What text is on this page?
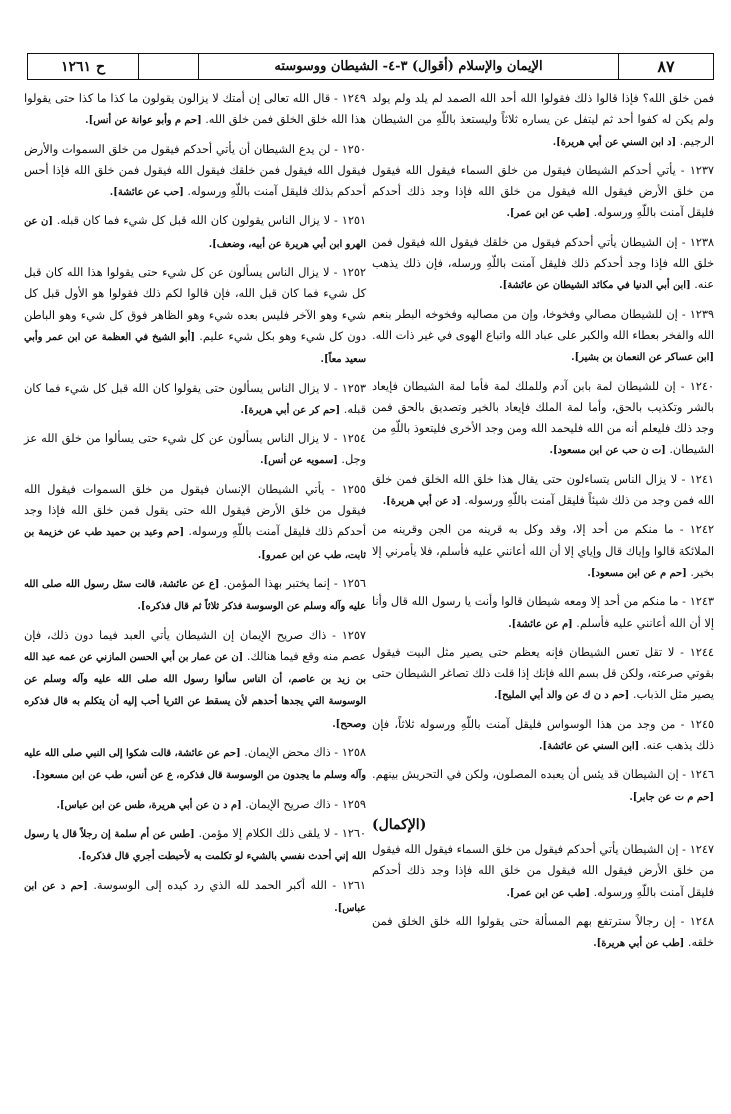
٨٧
الإيمان والإسلام (أقوال) ٣-٤- الشيطان ووسوسته
ح ١٢٦١

فمن خلق الله؟ فإذا قالوا ذلك فقولوا الله أحد الله الصمد لم يلد ولم يولد ولم يكن له كفوا أحد ثم ليتفل عن يساره ثلاثاً وليستعذ باللّهِ من الشيطان الرجيم. [د ابن السني عن أبي هريرة].

١٢٣٧ - يأتي أحدكم الشيطان فيقول من خلق السماء فيقول الله فيقول من خلق الأرض فيقول الله فيقول من خلق الله فإذا وجد ذلك أحدكم فليقل آمنت باللّهِ ورسوله. [طب عن ابن عمر].

١٢٣٨ - إن الشيطان يأتي أحدكم فيقول من خلقك فيقول الله فيقول فمن خلق الله فإذا وجد أحدكم ذلك فليقل آمنت باللّهِ ورسله، فإن ذلك يذهب عنه. [ابن أبي الدنيا في مكائد الشيطان عن عائشة].

١٢٣٩ - إن للشيطان مصالي وفخوخا، وإن من مصاليه وفخوخه البطر بنعم الله والفخر بعطاء الله والكبر على عباد الله واتباع الهوى في غير ذات الله. [ابن عساكر عن النعمان بن بشير].

١٢٤٠ - إن للشيطان لمة بابن آدم وللملك لمة فأما لمة الشيطان فإيعاد بالشر وتكذيب بالحق، وأما لمة الملك فإيعاد بالخير وتصديق بالحق فمن وجد ذلك فليعلم أنه من الله فليحمد الله ومن وجد الأخرى فليتعوذ باللّهِ من الشيطان. [ت ن حب عن ابن مسعود].

١٢٤١ - لا يزال الناس يتساءلون حتى يقال هذا خلق الله الخلق فمن خلق الله فمن وجد من ذلك شيئاً فليقل آمنت باللّهِ ورسوله. [د عن أبي هريرة].

١٢٤٢ - ما منكم من أحد إلا، وقد وكل به قرينه من الجن وقرينه من الملائكة قالوا وإياك قال وإياي إلا أن الله أعانني عليه فأسلم، فلا يأمرني إلا بخير. [حم م عن ابن مسعود].

١٢٤٣ - ما منكم من أحد إلا ومعه شيطان قالوا وأنت يا رسول الله قال وأنا إلا أن الله أعانني عليه فأسلم. [م عن عائشة].

١٢٤٤ - لا تقل تعس الشيطان فإنه يعظم حتى يصير مثل البيت فيقول بقوتي صرعته، ولكن قل بسم الله فإنك إذا قلت ذلك تصاغر الشيطان حتى يصير مثل الذباب. [حم د ن ك عن والد أبي المليح].

١٢٤٥ - من وجد من هذا الوسواس فليقل آمنت باللّهِ ورسوله ثلاثاً، فإن ذلك يذهب عنه. [ابن السني عن عائشة].

١٢٤٦ - إن الشيطان قد يئس أن يعبده المصلون، ولكن في التحريش بينهم. [حم م ت عن جابر].

(الإكمال)

١٢٤٧ - إن الشيطان يأتي أحدكم فيقول من خلق السماء فيقول الله فيقول من خلق الأرض فيقول الله فيقول من خلق الله فإذا وجد ذلك أحدكم فليقل آمنت باللّهِ ورسوله. [طب عن ابن عمر].

١٢٤٨ - إن رجالاً سترتفع بهم المسألة حتى يقولوا الله خلق الخلق فمن خلقه. [طب عن أبي هريرة].

١٢٤٩ - قال الله تعالى إن أمتك لا يزالون يقولون ما كذا ما كذا حتى يقولوا هذا الله خلق الخلق فمن خلق الله. [حم م وأبو عوانة عن أنس].

١٢٥٠ - لن يدع الشيطان أن يأتي أحدكم فيقول من خلق السموات والأرض فيقول الله فيقول فمن خلقك فيقول الله فيقول فمن خلق الله فإذا أحس أحدكم بذلك فليقل آمنت باللّهِ ورسوله. [حب عن عائشة].

١٢٥١ - لا يزال الناس يقولون كان الله قبل كل شيء فما كان قبله. [ن عن الهرو ابن أبي هريرة عن أبيه، وضعف].

١٢٥٢ - لا يزال الناس يسألون عن كل شيء حتى يقولوا هذا الله كان قبل كل شيء فما كان قبل الله، فإن قالوا لكم ذلك فقولوا هو الأول قبل كل شيء وهو الآخر فليس بعده شيء وهو الظاهر فوق كل شيء وهو الباطن دون كل شيء وهو بكل شيء عليم. [أبو الشيخ في العظمة عن ابن عمر وأبي سعيد معاً].

١٢٥٣ - لا يزال الناس يسألون حتى يقولوا كان الله قبل كل شيء فما كان قبله. [حم كر عن أبي هريرة].

١٢٥٤ - لا يزال الناس يسألون عن كل شيء حتى يسألوا من خلق الله عز وجل. [سمويه عن أنس].

١٢٥٥ - يأتي الشيطان الإنسان فيقول من خلق السموات فيقول الله فيقول من خلق الأرض فيقول الله حتى يقول فمن خلق الله فإذا وجد أحدكم ذلك فليقل آمنت باللّهِ ورسوله. [حم وعبد بن حميد طب عن خزيمة بن ثابت، طب عن ابن عمرو].

١٢٥٦ - إنما يختبر بهذا المؤمن. [ع عن عائشة، قالت سئل رسول الله صلى الله عليه وآله وسلم عن الوسوسة فذكر ثلاثاً ثم قال فذكره].

١٢٥٧ - ذاك صريح الإيمان إن الشيطان يأتي العبد فيما دون ذلك، فإن عصم منه وقع فيما هنالك. [ن عن عمار بن أبي الحسن المازني عن عمه عبد الله بن زيد بن عاصم، أن الناس سألوا رسول الله صلى الله عليه وآله وسلم عن الوسوسة التي يجدها أحدهم لأن يسقط عن الثريا أحب إليه أن يتكلم به قال فذكره وصحح].

١٢٥٨ - ذاك محض الإيمان. [حم عن عائشة، قالت شكوا إلى النبي صلى الله عليه وآله وسلم ما يجدون من الوسوسة قال فذكره، ع عن أنس، طب عن ابن مسعود].

١٢٥٩ - ذاك صريح الإيمان. [م د ن عن أبي هريرة، طس عن ابن عباس].

١٢٦٠ - لا يلقى ذلك الكلام إلا مؤمن. [طس عن أم سلمة إن رجلاً قال يا رسول الله إني أحدث نفسي بالشيء لو تكلمت به لأحبطت أجري قال فذكره].

١٢٦١ - الله أكبر الحمد لله الذي رد كيده إلى الوسوسة. [حم د عن ابن عباس].
